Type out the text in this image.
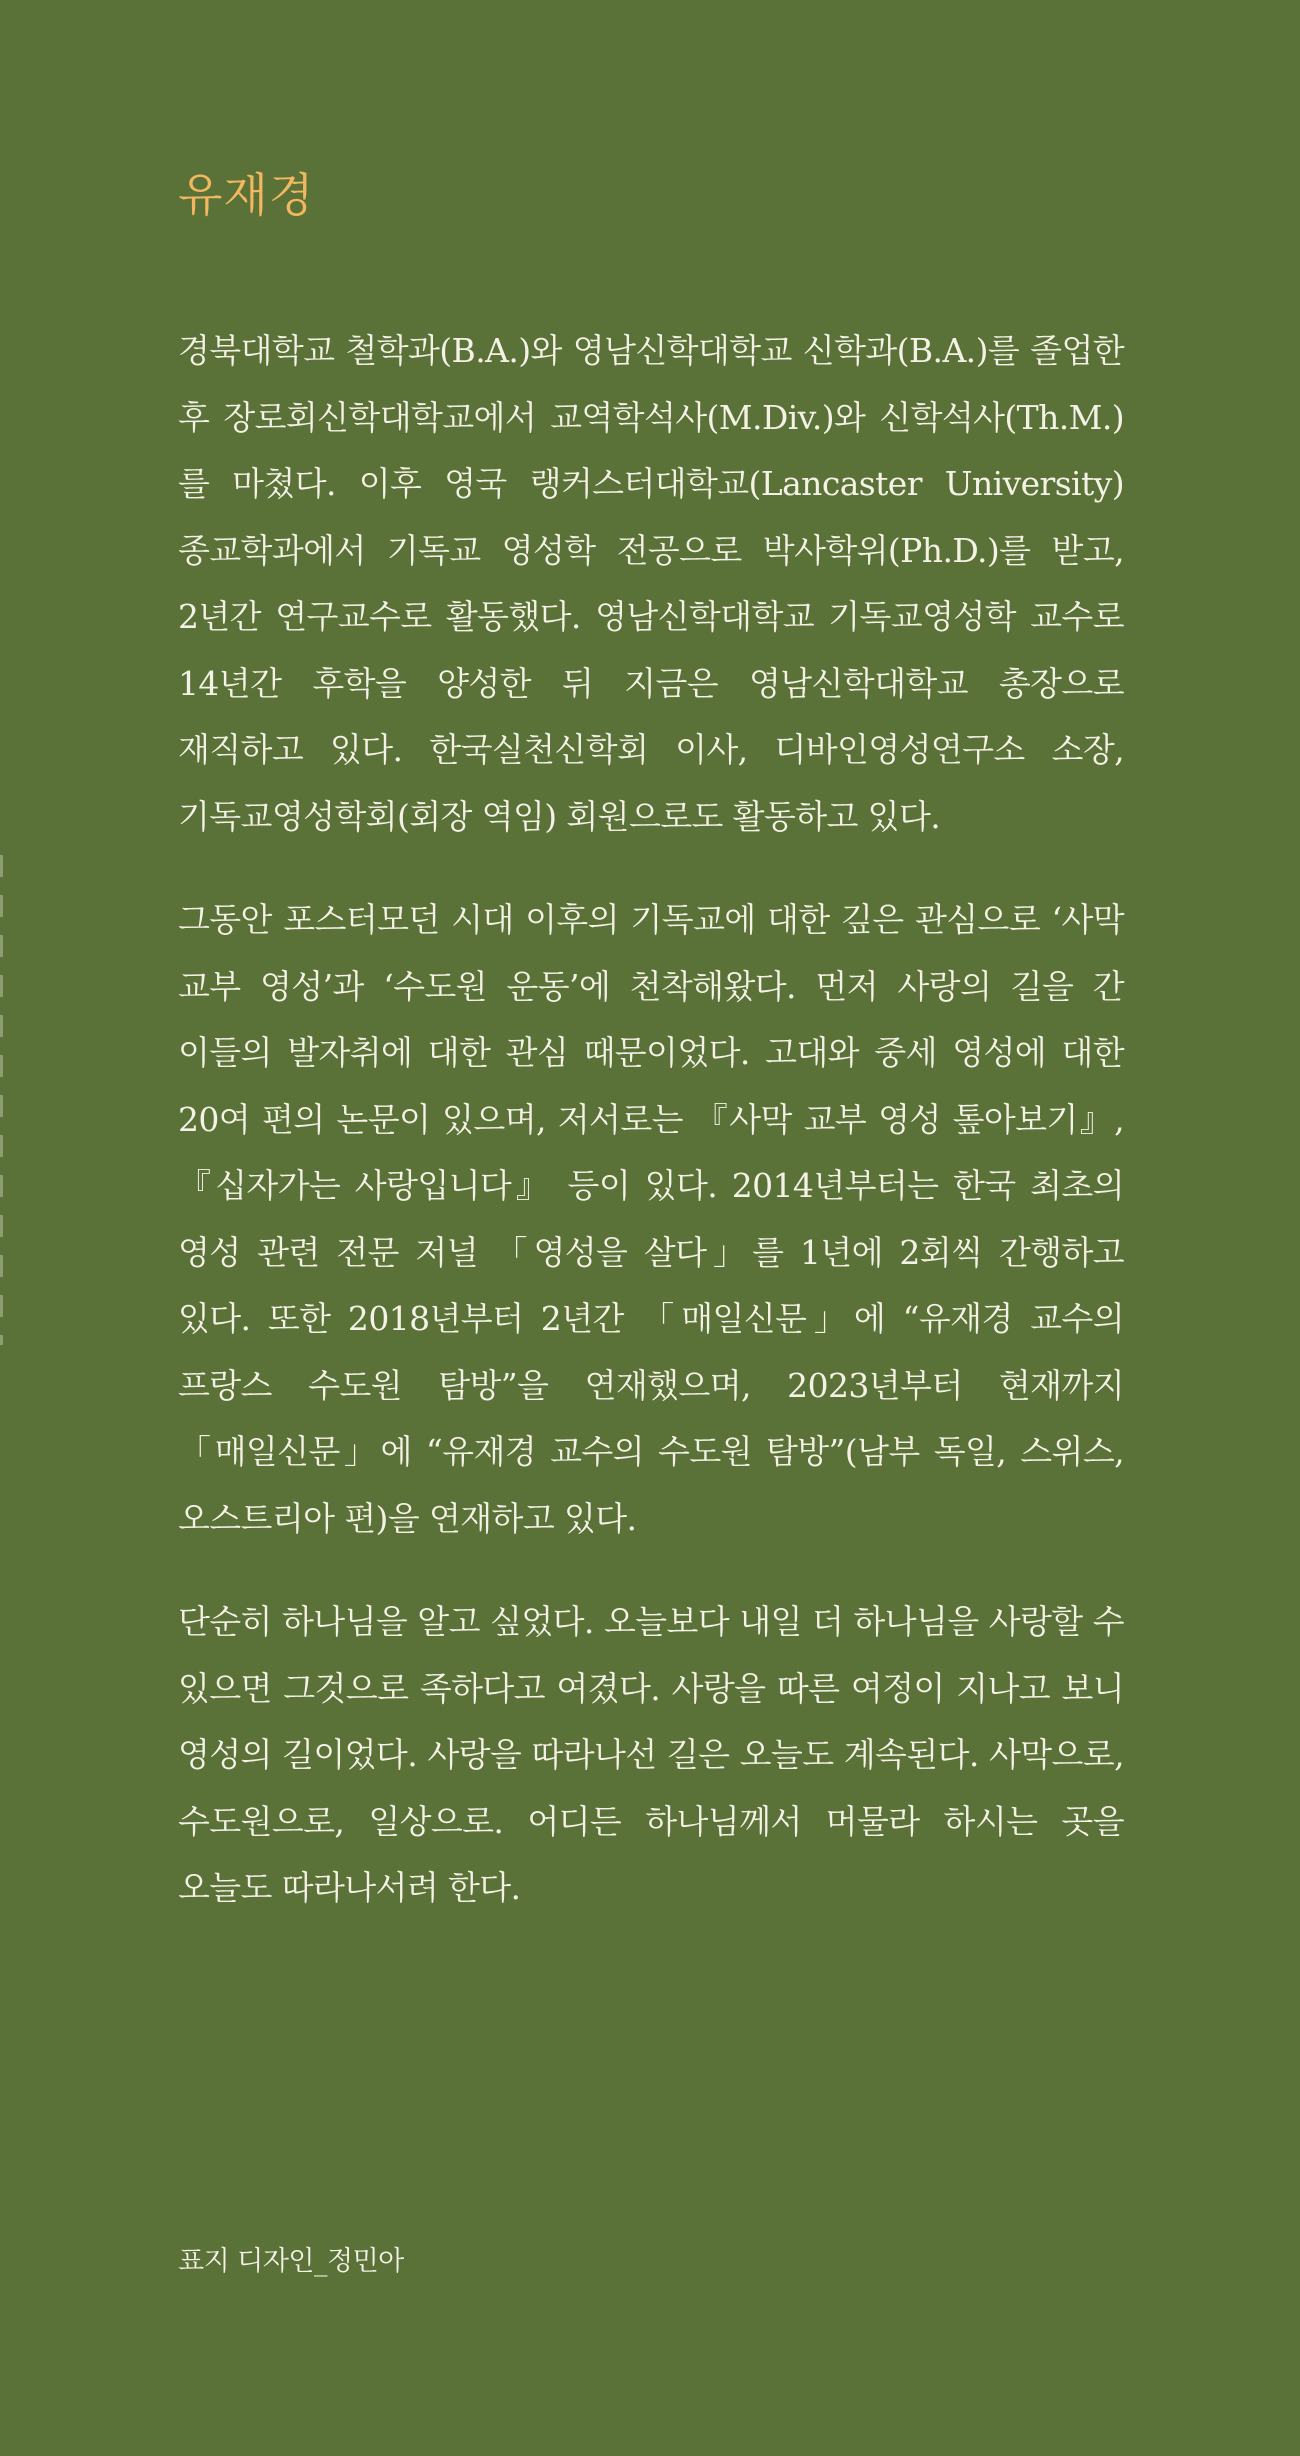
유재경

경북대학교 철학과(B.A.)와 영남신학대학교 신학과(B.A.)를 졸업한 후 장로회신학대학교에서 교역학석사(M.Div.)와 신학석사(Th.M.)를 마쳤다. 이후 영국 랭커스터대학교(Lancaster University) 종교학과에서 기독교 영성학 전공으로 박사학위(Ph.D.)를 받고, 2년간 연구교수로 활동했다. 영남신학대학교 기독교영성학 교수로 14년간 후학을 양성한 뒤 지금은 영남신학대학교 총장으로 재직하고 있다. 한국실천신학회 이사, 디바인영성연구소 소장, 기독교영성학회(회장 역임) 회원으로도 활동하고 있다.

그동안 포스터모던 시대 이후의 기독교에 대한 깊은 관심으로 ‘사막 교부 영성’과 ‘수도원 운동’에 천착해왔다. 먼저 사랑의 길을 간 이들의 발자취에 대한 관심 때문이었다. 고대와 중세 영성에 대한 20여 편의 논문이 있으며, 저서로는 『사막 교부 영성 톺아보기』, 『십자가는 사랑입니다』 등이 있다. 2014년부터는 한국 최초의 영성 관련 전문 저널 「영성을 살다」를 1년에 2회씩 간행하고 있다. 또한 2018년부터 2년간 「매일신문」에 “유재경 교수의 프랑스 수도원 탐방”을 연재했으며, 2023년부터 현재까지 「매일신문」에 “유재경 교수의 수도원 탐방”(남부 독일, 스위스, 오스트리아 편)을 연재하고 있다.

단순히 하나님을 알고 싶었다. 오늘보다 내일 더 하나님을 사랑할 수 있으면 그것으로 족하다고 여겼다. 사랑을 따른 여정이 지나고 보니 영성의 길이었다. 사랑을 따라나선 길은 오늘도 계속된다. 사막으로, 수도원으로, 일상으로. 어디든 하나님께서 머물라 하시는 곳을 오늘도 따라나서려 한다.

표지 디자인_정민아
